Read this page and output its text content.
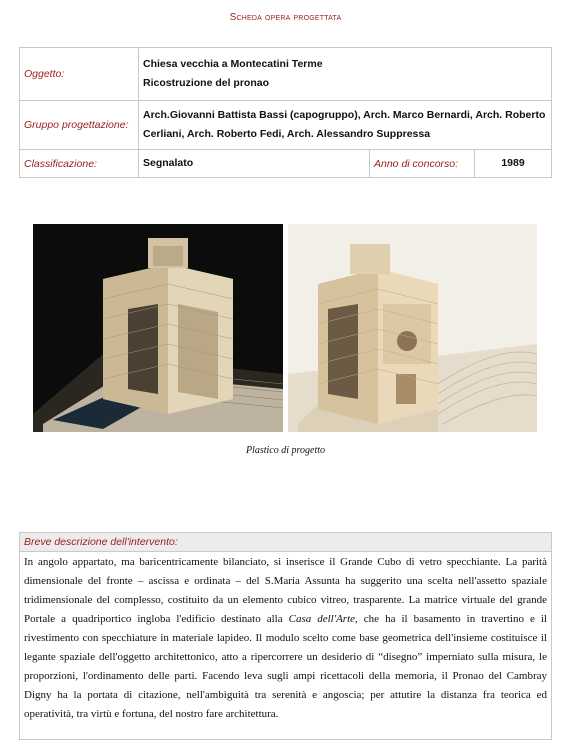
Scheda opera progettata
Oggetto:	Chiesa vecchia a Montecatini Terme
Ricostruzione del pronao		
Gruppo progettazione:	Arch.Giovanni Battista Bassi (capogruppo), Arch. Marco Bernardi, Arch. Roberto Cerliani, Arch. Roberto Fedi, Arch. Alessandro Suppressa		
Classificazione:	Segnalato	Anno di concorso:	1989
Plastico di progetto
Breve descrizione dell'intervento:

In angolo appartato, ma baricentricamente bilanciato, si inserisce il Grande Cubo di vetro specchiante. La parità dimensionale del fronte – ascissa e ordinata – del S.Maria Assunta ha suggerito una scelta nell'assetto spaziale tridimensionale del complesso, costituito da un elemento cubico vitreo, trasparente. La matrice virtuale del grande Portale a quadriportico ingloba l'edificio destinato alla Casa dell'Arte, che ha il basamento in travertino e il rivestimento con specchiature in materiale lapideo. Il modulo scelto come base geometrica dell'insieme costituisce il legante spaziale dell'oggetto architettonico, atto a ripercorrere un desiderio di “disegno” imperniato sulla misura, le proporzioni, l'ordinamento delle parti. Facendo leva sugli ampi ricettacoli della memoria, il Pronao del Cambray Digny ha la portata di citazione, nell'ambiguità tra serenità e angoscia; per attutire la distanza fra teorica ed operatività, tra virtù e fortuna, del nostro fare architettura.
